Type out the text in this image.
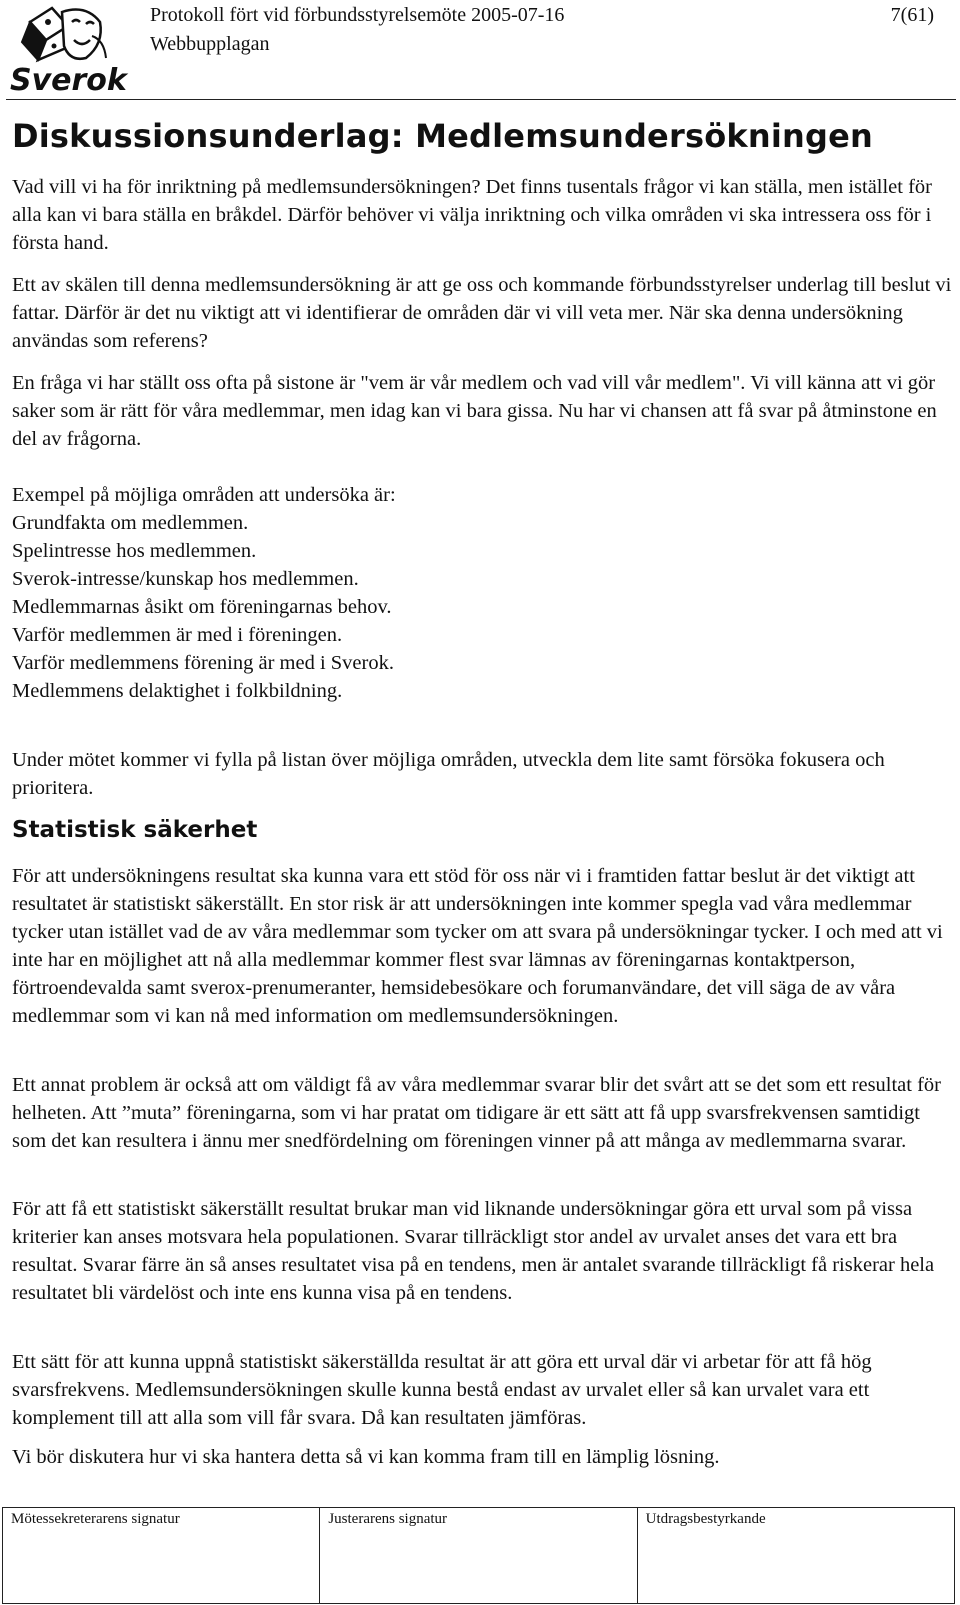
Sverok
Protokoll fört vid förbundsstyrelsemöte 2005-07-16
Webbupplagan
7(61)
Diskussionsunderlag: Medlemsundersökningen

Vad vill vi ha för inriktning på medlemsundersökningen? Det finns tusentals frågor vi kan ställa, men istället för alla kan vi bara ställa en bråkdel. Därför behöver vi välja inriktning och vilka områden vi ska intressera oss för i första hand.

Ett av skälen till denna medlemsundersökning är att ge oss och kommande förbundsstyrelser underlag till beslut vi fattar. Därför är det nu viktigt att vi identifierar de områden där vi vill veta mer. När ska denna undersökning användas som referens?

En fråga vi har ställt oss ofta på sistone är "vem är vår medlem och vad vill vår medlem". Vi vill känna att vi gör saker som är rätt för våra medlemmar, men idag kan vi bara gissa. Nu har vi chansen att få svar på åtminstone en del av frågorna.

Exempel på möjliga områden att undersöka är:
Grundfakta om medlemmen.
Spelintresse hos medlemmen.
Sverok-intresse/kunskap hos medlemmen.
Medlemmarnas åsikt om föreningarnas behov.
Varför medlemmen är med i föreningen.
Varför medlemmens förening är med i Sverok.
Medlemmens delaktighet i folkbildning.

Under mötet kommer vi fylla på listan över möjliga områden, utveckla dem lite samt försöka fokusera och prioritera.

Statistisk säkerhet

För att undersökningens resultat ska kunna vara ett stöd för oss när vi i framtiden fattar beslut är det viktigt att resultatet är statistiskt säkerställt. En stor risk är att undersökningen inte kommer spegla vad våra medlemmar tycker utan istället vad de av våra medlemmar som tycker om att svara på undersökningar tycker. I och med att vi inte har en möjlighet att nå alla medlemmar kommer flest svar lämnas av föreningarnas kontaktperson, förtroendevalda samt sverox-prenumeranter, hemsidebesökare och forumanvändare, det vill säga de av våra medlemmar som vi kan nå med information om medlemsundersökningen.

Ett annat problem är också att om väldigt få av våra medlemmar svarar blir det svårt att se det som ett resultat för helheten. Att ”muta” föreningarna, som vi har pratat om tidigare är ett sätt att få upp svarsfrekvensen samtidigt som det kan resultera i ännu mer snedfördelning om föreningen vinner på att många av medlemmarna svarar.

För att få ett statistiskt säkerställt resultat brukar man vid liknande undersökningar göra ett urval som på vissa kriterier kan anses motsvara hela populationen. Svarar tillräckligt stor andel av urvalet anses det vara ett bra resultat. Svarar färre än så anses resultatet visa på en tendens, men är antalet svarande tillräckligt få riskerar hela resultatet bli värdelöst och inte ens kunna visa på en tendens.

Ett sätt för att kunna uppnå statistiskt säkerställda resultat är att göra ett urval där vi arbetar för att få hög svarsfrekvens. Medlemsundersökningen skulle kunna bestå endast av urvalet eller så kan urvalet vara ett komplement till att alla som vill får svara. Då kan resultaten jämföras.

Vi bör diskutera hur vi ska hantera detta så vi kan komma fram till en lämplig lösning.

Mötessekreterarens signatur	Justerarens signatur	Utdragsbestyrkande
